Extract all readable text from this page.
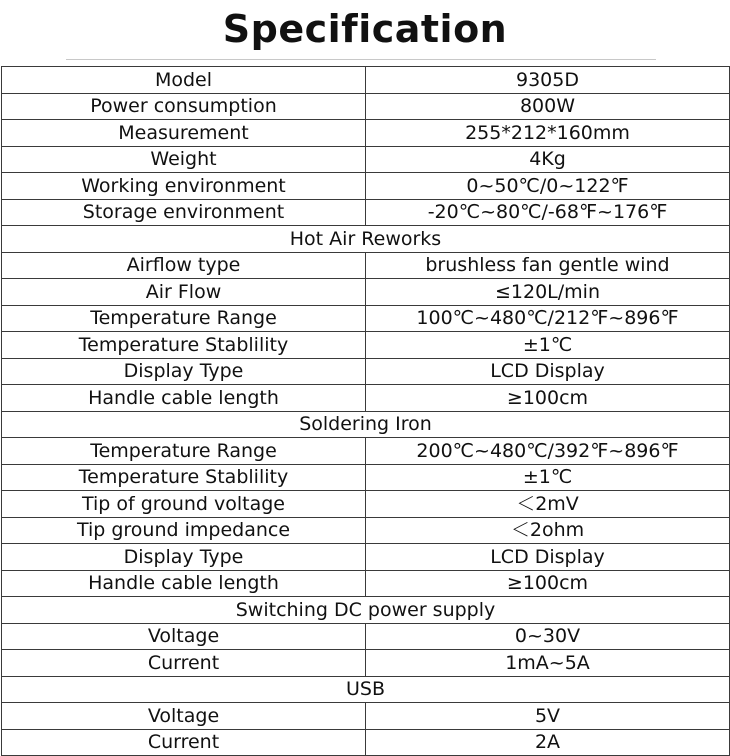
Specification
Model	9305D
Power consumption	800W
Measurement	255*212*160mm
Weight	4Kg
Working environment	0~50℃/0~122℉
Storage environment	-20℃~80℃/-68℉~176℉
Hot Air Reworks	
Airflow type	brushless fan gentle wind
Air Flow	≤120L/min
Temperature Range	100℃~480℃/212℉~896℉
Temperature Stablility	±1℃
Display Type	LCD Display
Handle cable length	≥100cm
Soldering Iron	
Temperature Range	200℃~480℃/392℉~896℉
Temperature Stablility	±1℃
Tip of ground voltage	＜2mV
Tip ground impedance	＜2ohm
Display Type	LCD Display
Handle cable length	≥100cm
Switching DC power supply	
Voltage	0~30V
Current	1mA~5A
USB	
Voltage	5V
Current	2A
